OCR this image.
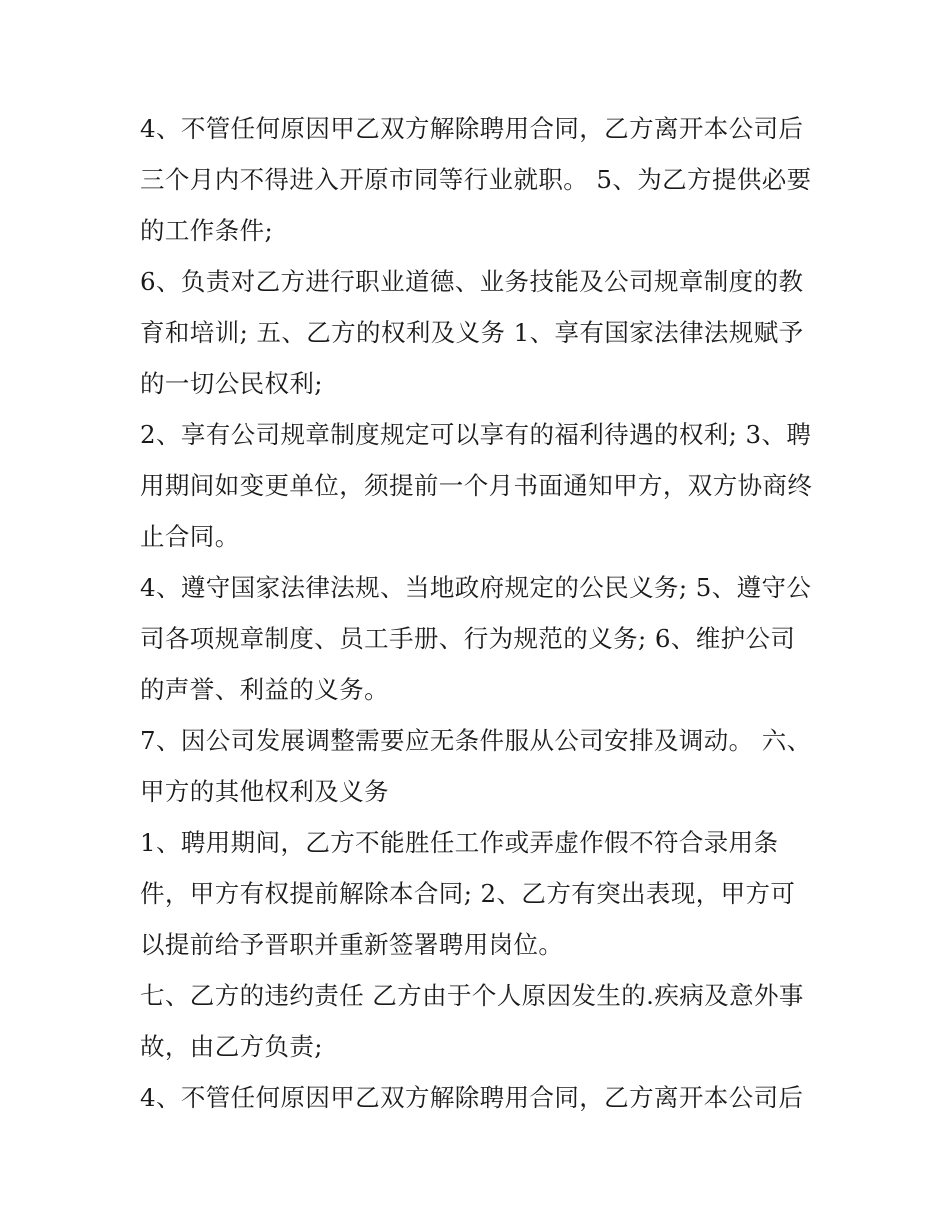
4、不管任何原因甲乙双方解除聘用合同，乙方离开本公司后三个月内不得进入开原市同等行业就职。 5、为乙方提供必要的工作条件;

6、负责对乙方进行职业道德、业务技能及公司规章制度的教育和培训; 五、乙方的权利及义务 1、享有国家法律法规赋予的一切公民权利;

2、享有公司规章制度规定可以享有的福利待遇的权利; 3、聘用期间如变更单位，须提前一个月书面通知甲方，双方协商终止合同。

4、遵守国家法律法规、当地政府规定的公民义务; 5、遵守公司各项规章制度、员工手册、行为规范的义务; 6、维护公司的声誉、利益的义务。

7、因公司发展调整需要应无条件服从公司安排及调动。 六、甲方的其他权利及义务

1、聘用期间，乙方不能胜任工作或弄虚作假不符合录用条件，甲方有权提前解除本合同; 2、乙方有突出表现，甲方可以提前给予晋职并重新签署聘用岗位。

七、乙方的违约责任 乙方由于个人原因发生的.疾病及意外事故，由乙方负责;

4、不管任何原因甲乙双方解除聘用合同，乙方离开本公司后
